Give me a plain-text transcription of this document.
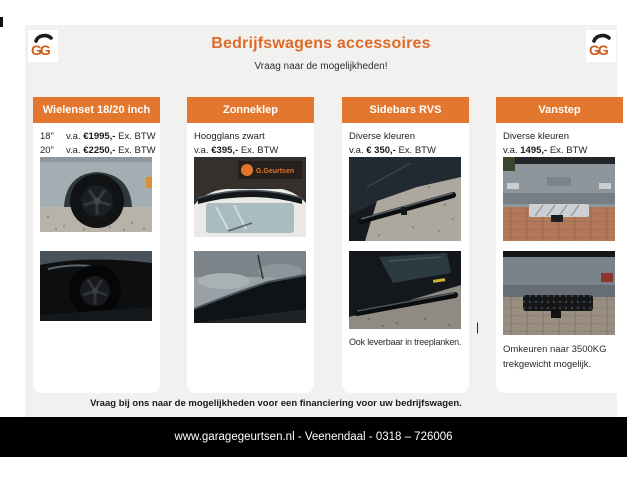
GG	GG
Bedrijfswagens accessoires
Vraag naar de mogelijkheden!
Wielenset 18/20 inch
18”	v.a. €1995,- Ex. BTW
20”	v.a. €2250,- Ex. BTW
Zonneklep
Hoogglans zwart
v.a. €395,- Ex. BTW
G.Geurtsen
Sidebars RVS
Diverse kleuren
v.a. € 350,- Ex. BTW
Ook leverbaar in treeplanken.
Vanstep
Diverse kleuren
v.a. 1495,- Ex. BTW
Omkeuren naar 3500KG trekgewicht mogelijk.
|
Vraag bij ons naar de mogelijkheden voor een financiering voor uw bedrijfswagen.
www.garagegeurtsen.nl - Veenendaal - 0318 – 726006
